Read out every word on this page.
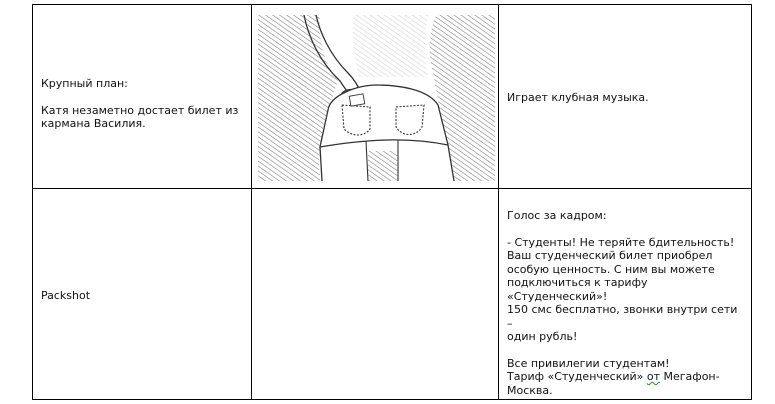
Крупный план:

Катя незаметно достает билет из

кармана Василия.

Играет клубная музыка.

Packshot

Голос за кадром:

- Студенты! Не теряйте бдительность!

Ваш студенческий билет приобрел

особую ценность. С ним вы можете

подключиться к тарифу «Студенческий»!

150 смс бесплатно, звонки внутри сети –

один рубль!

Все привилегии студентам!

Тариф «Студенческий» от Мегафон-

Москва.
